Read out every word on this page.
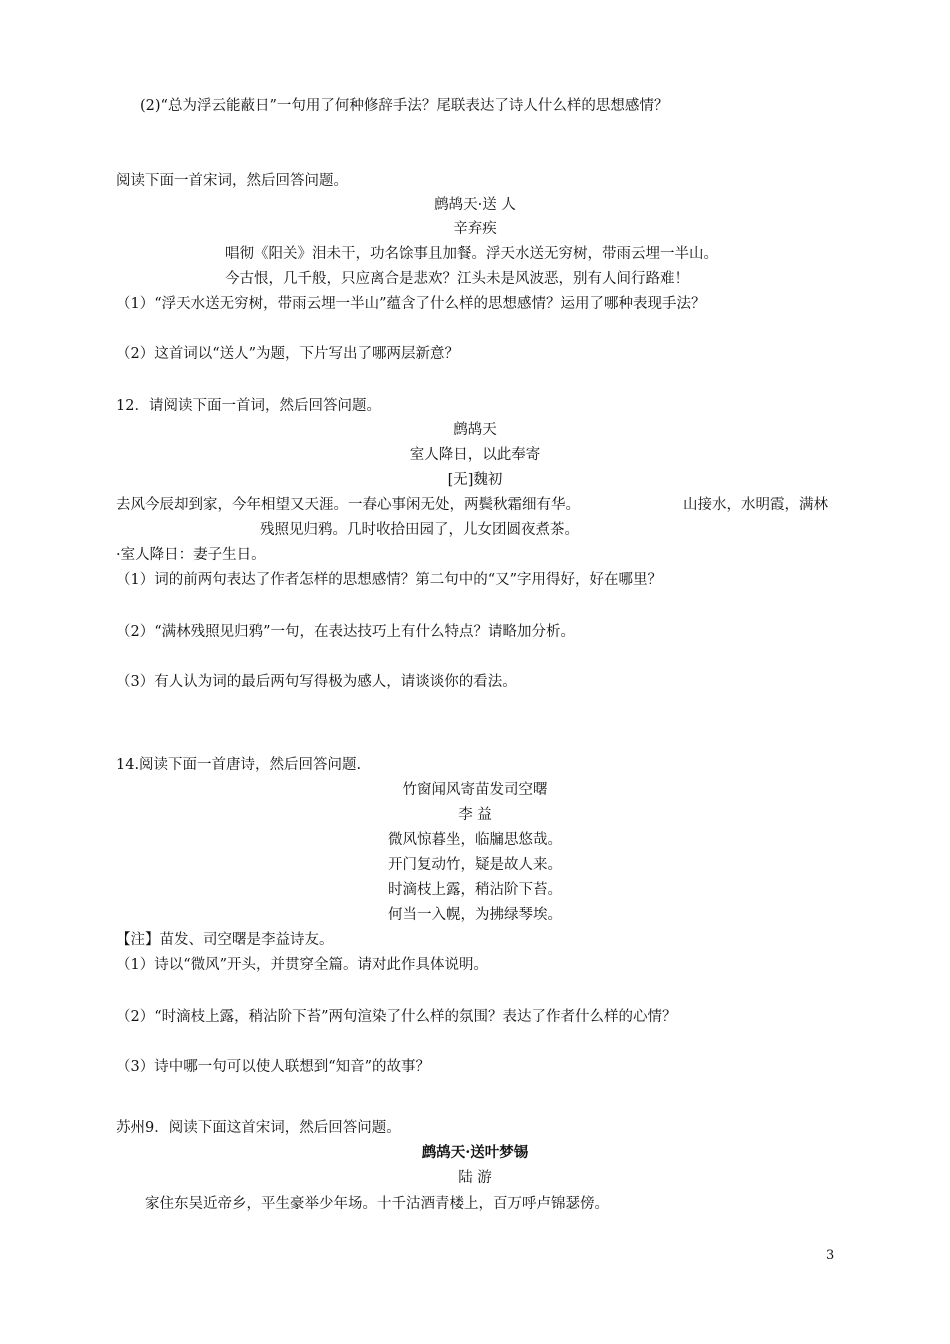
(2)“总为浮云能蔽日”一句用了何种修辞手法？尾联表达了诗人什么样的思想感情？
阅读下面一首宋词，然后回答问题。
鹧鸪天·送 人
辛弃疾
唱彻《阳关》泪未干，功名馀事且加餐。浮天水送无穷树，带雨云埋一半山。
今古恨，几千般，只应离合是悲欢？江头未是风波恶，别有人间行路难！
（1）“浮天水送无穷树，带雨云埋一半山”蕴含了什么样的思想感情？运用了哪种表现手法？
（2）这首词以“送人”为题，下片写出了哪两层新意？
12．请阅读下面一首词，然后回答问题。
鹧鸪天
室人降日，以此奉寄
[无]魏初
去风今辰却到家，今年相望又天涯。一春心事闲无处，两鬓秋霜细有华。	山接水，水明霞，满林
残照见归鸦。几时收拾田园了，儿女团圆夜煮茶。
·室人降日：妻子生日。
（1）词的前两句表达了作者怎样的思想感情？第二句中的“又”字用得好，好在哪里？
（2）“满林残照见归鸦”一句，在表达技巧上有什么特点？请略加分析。
（3）有人认为词的最后两句写得极为感人，请谈谈你的看法。
14.阅读下面一首唐诗，然后回答问题.
竹窗闻风寄苗发司空曙
李 益
微风惊暮坐，临牖思悠哉。
开门复动竹，疑是故人来。
时滴枝上露，稍沾阶下苔。
何当一入幌，为拂绿琴埃。
【注】苗发、司空曙是李益诗友。
（1）诗以“微风”开头，并贯穿全篇。请对此作具体说明。
（2）“时滴枝上露，稍沾阶下苔”两句渲染了什么样的氛围？表达了作者什么样的心情？
（3）诗中哪一句可以使人联想到“知音”的故事？
苏州9．阅读下面这首宋词，然后回答问题。
鹧鸪天·送叶梦锡
陆 游
家住东吴近帝乡，平生豪举少年场。十千沽酒青楼上，百万呼卢锦瑟傍。
3
